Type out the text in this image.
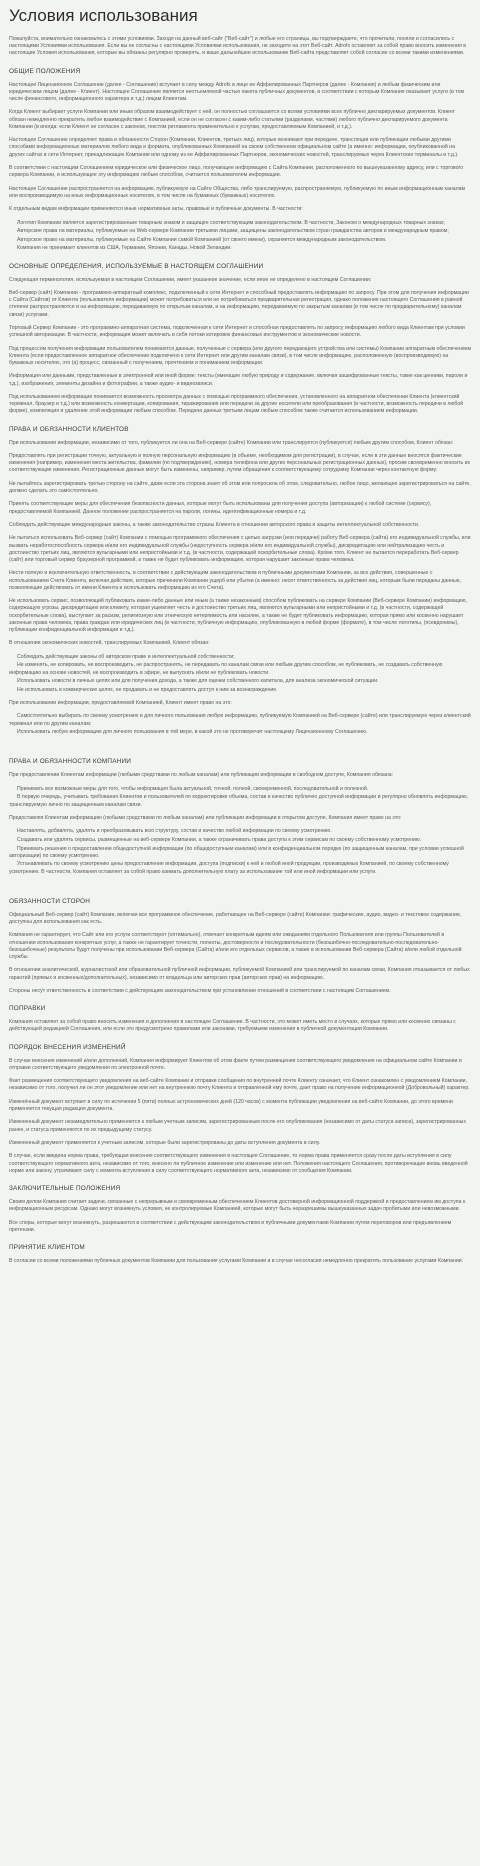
Условия использования

Пожалуйста, внимательно ознакомьтесь с этими условиями. Заходя на данный веб-сайт ("Веб-сайт") и любые его страницы, вы подтверждаете, что прочитали, поняли и согласились с настоящими Условиями использования. Если вы не согласны с настоящими Условиями использования, не заходите на этот Веб-сайт. Adrofx оставляет за собой право вносить изменения в настоящие Условия использования, которые вы обязаны регулярно проверять, и ваше дальнейшее использование Веб-сайта представляет собой согласие со всеми такими изменениями.

ОБЩИЕ ПОЛОЖЕНИЯ

Настоящее Лицензионное Соглашение (далее - Соглашение) вступает в силу между Adrofx в лице ее Аффилированных Партнеров (далее - Компания) и любым физическим или юридическим лицом (далее - Клиент). Настоящее Соглашение является неотъемлемой частью пакета публичных документов, в соответствии с которым Компания оказывает услуги (в том числе финансового, информационного характера и т.д.) лицам Клиентам.

Когда Клиент выбирает услуги Компании или иным образом взаимодействует с ней, он полностью соглашается со всеми условиями всех публично декларируемых документов. Клиент обязан немедленно прекратить любое взаимодействие с Компанией, если он не согласен с каким-либо статьями (разделами, частями) любого публично декларируемого документа Компании (в иногда: если Клиент не согласен с законом, текстом регламента применительно к услугам, предоставляемым Компанией, и т.д.).

Настоящее Соглашение определяет права и обязанности Сторон (Компании, Клиентов, третьих лиц), которые возникают при передаче, трансляции или публикации любыми другими способами информационных материалов любого вида и формата, опубликованных Компанией на своем собственном официальном сайте (а именно: информации, опубликованной на других сайтах в сети Интернет, принадлежащих Компании или одному из ее Аффилированных Партнеров, экономических новостей, транслируемых через Клиентские терминалы и т.д.).

В соответствии с настоящим Соглашением юридическое или физическое лицо, получающее информацию с Сайта Компании, расположенного по вышеуказанному адресу, или с торгового сервера Компании, и использующее эту информацию любым способом, считается пользователем информации.

Настоящее Соглашение распространяется на информацию, публикуемую на Сайте Общества, либо транслируемую, распространяемую, публикуемую по иным информационным каналам или воспроизводимую на иных информационных носителях, в том числе на бумажных (бумажных) носителях.

К отдельным видам информации применяются иные нормативные акты, правовые и публичные документы. В частности:

Логотип Компании является зарегистрированным товарным знаком и защищен соответствующим законодательством. В частности, Законом о международных товарных знаках;

Авторские права на материалы, публикуемые на Web-сервере Компании третьими лицами, защищены законодательством стран гражданства авторов и международным правом;

Авторское право на материалы, публикуемые на Сайте Компании самой Компанией (от своего имени), охраняется международным законодательством.

Компания не принимает клиентов из США, Германии, Японии, Канады, Новой Зеландии.

ОСНОВНЫЕ ОПРЕДЕЛЕНИЯ, ИСПОЛЬЗУЕМЫЕ В НАСТОЯЩЕМ СОГЛАШЕНИИ

Следующая терминология, используемая в настоящем Соглашении, имеет указанное значение, если иное не определено в настоящем Соглашении:

Веб-сервер (сайт) Компании - программно-аппаратный комплекс, подключенный к сети Интернет и способный предоставлять информацию по запросу. При этом для получения информации с Сайта (Сайтов) от Клиента (пользователя информации) может потребоваться или не потребоваться предварительная регистрация, однако положения настоящего Соглашения в равной степени распространяются и на информацию, передаваемую по открытым каналам, и на информацию, передаваемую по закрытым каналам (в том числе по предварительному) каналам связи) услугами.

Торговый Сервер Компании - это программно-аппаратная система, подключенная к сети Интернет и способная предоставлять по запросу информацию любого вида Клиентам при условии успешной авторизации. В частности, информация может включать в себя потоки котировок финансовых инструментов и экономические новости.

Под процессом получения информации пользователем понимаются данные, полученные с сервера (или другого передающего устройства или системы) Компании аппаратным обеспечением Клиента (если предоставленное аппаратное обеспечение подключено к сети Интернет или другим каналам связи), в том числе информацию, расположенную (воспроизводимую) на бумажных носителях, это (а) процесс, связанный с получением, прочтением и пониманием информации.

Информация или данными, представленные в электронной или иной форме: тексты (имеющие любую природу и содержание, включая зашифрованные тексты, такие как ценники, пароли и т.д.), изображения, элементы дизайна и фотографии, а также аудио- и видеозаписи.

Под использованием информации понимается возможность просмотра данных с помощью программного обеспечения, установленного на аппаратном обеспечении Клиента (клиентский терминал, браузер и т.д.) или возможность конвертации, копирования, тиражирования или передачи за другие носители или преобразования (в частности, возможность передачи в любой форме), компиляция и удаление этой информации любым способом. Передача данных третьим лицам любым способом также считается использованием информации.

ПРАВА И ОБЯЗАННОСТИ КЛИЕНТОВ

При использовании информации, независимо от того, публикуется ли она на Веб-сервере (сайте) Компании или транслируется (публикуется) любым другим способом, Клиент обязан:

Предоставлять при регистрации точную, актуальную и полную персональную информацию (в объеме, необходимом для регистрации), в случае, если в эти данные вносятся фактические изменения (например, изменения места жительства, фамилии (по подтверждению), номера телефона или других персональных регистрационных данных), просим своевременно вносить их соответствующие изменения. Регистрационные данные могут быть изменены, например, путем обращения к соответствующему сотруднику Компании через контактную форму.

Не пытайтесь зарегистрировать третью сторону на сайте, даже если эта сторона знает об этом или попросила об этом, следовательно, любое лицо, желающее зарегистрироваться на сайте, должно сделать это самостоятельно.

Принять соответствующие меры для обеспечения безопасности данных, которые могут быть использованы для получения доступа (авторизации) к любой системе (сервису), предоставляемой Компанией. Данное положение распространяется на пароли, логины, идентификационные номера и т.д.

Соблюдать действующие международные законы, а также законодательство страны Клиента в отношении авторского права и защиты интеллектуальной собственности.

Не пытаться использовать Веб-сервер (сайт) Компании с помощью программного обеспечения с целью загрузки (или передачи) работу Веб-сервера (сайта) его индивидуальной службы, или вызвать неработоспособность сервера и/или его индивидуальной службы (недоступность сервера и/или его индивидуальной службы), дискредитацию или нейтрализацию честь и достоинство третьих лиц, являются вульгарными или непристойными и т.д. (в частности, содержащей оскорбительные слова). Кроме того, Клиент не пытается переработать Веб-сервер (сайт) или торговый сервер браузерной программой, а также не будет публиковать информацию, которая нарушает законные права человека.

Нести полную и исключительную ответственность, в соответствии с действующим законодательством и публичными документами Компании, за все действия, совершенные с использованием Счета Клиента, включая действия, которые причинили Компании ущерб или убытки (а именно: несет ответственность за действия лиц, которым были переданы данные, позволяющие действовать от имени Клиента и использовать информацию из его Счета).

Не использовать сервис, позволяющий публиковать какие-либо данные или иным (а также незаконным) способом публиковать на сервере Компании (Веб-сервере Компании) информацию, содержащую угрозы, дискредитацию или клевету, которая ущемляет честь и достоинство третьих лиц, являются вульгарными или непристойными и т.д. (в частности, содержащей оскорбительные слова), выступает за расизм, религиозную или этническую нетерпимость или насилие, а также не будет публиковать информацию, которая прямо или косвенно нарушает законные права человека, права граждан или юридических лиц (в частности, публичную информацию, опубликованную в любой форме (формате), в том числе логотипы, (псевдонимы), публикации конфиденциальной информации и т.д.).

В отношении экономических новостей, транслируемых Компанией, Клиент обязан:

Соблюдать действующие законы об авторском праве и интеллектуальной собственности;

Не изменять, не копировать, не воспроизводить, не распространять, не передавать по каналам связи или любым другим способом, не публиковать, не создавать собственную информацию на основе новостей, не воспроизводить в эфире, не выпускать и/или не публиковать новости.

Использовать новости в личных целях или для получения дохода, а также для оценки собственного капитала, для анализа экономической ситуации.

Не использовать в коммерческих целях, не продавать и не предоставлять доступ к ним за вознаграждение.

При использовании информации, предоставляемой Компанией, Клиент имеет право на это:

Самостоятельно выбирать по своему усмотрению и для личного пользования любую информацию, публикуемую Компанией на Веб-сервере (сайте) или транслируемую через клиентский терминал или по другим каналам;

Использовать любую информацию для личного пользования в той мере, в какой это не противоречит настоящему Лицензионному Соглашению.

ПРАВА И ОБЯЗАННОСТИ КОМПАНИИ

При предоставлении Клиентам информации (любыми средствами по любым каналам) или публикации информации в свободном доступе, Компания обязана:

Принимать все возможные меры для того, чтобы информация была актуальной, точной, полной, своевременной, последовательной и полезной.

В первую очередь, учитывать требования Клиентов и пользователей по корректировке объема, состав и качество публично доступной информации и регулярно обновлять информацию, транслируемую лично по защищенным каналам связи.

Предоставляя Клиентам информацию (любыми средствами по любым каналам) или публикации информации в открытом доступе, Компания имеет право на это:

Наставлять, добавлять, удалять и преобразовывать всю структуру, состав и качество любой информации по своему усмотрению.

Создавать или удалять сервисы, размещенные на веб-сервере Компании, а также ограничивать права доступа к этим сервисам по своему собственному усмотрению.

Принимать решения о предоставлении общедоступной информации (по общедоступным каналам) или в конфиденциальном порядке (по защищенным каналам, при условии успешной авторизации) по своему усмотрению.

Устанавливать по своему усмотрению цены предоставление информации, доступа (подписки) к ней и любой иной продукции, производимых Компанией, по своему собственному усмотрению. В частности, Компания оставляет за собой право взимать дополнительную плату за использование той или иной информации или услуги.

ОБЯЗАННОСТИ СТОРОН

Официальный Веб-сервер (сайт) Компании, включая все программное обеспечение, работающее на Веб-сервере (сайте) Компании: графические, аудио, видео- и текстовое содержание, доступны для использования как есть.

Компания не гарантирует, что Сайт или его услуги соответствуют (оптимально), отвечает конкретным идеям или ожиданиям отдельного Пользователя или группы Пользователей в отношении использования конкретных услуг, а также не гарантирует точности, полноты, достоверности и последовательности (безошибочно-последовательно-последовательно-безошибочные) результаты будут получены при использовании Веб-сервера (Сайта) и/или его отдельных сервисов, а также в использовании Веб-сервера (Сайта) и/или любой отдельной службы.

В отношении аналитической, журналистской или образовательной публичной информации, публикуемой Компанией или транслируемой по каналам связи, Компания отказывается от любых гарантий (прямых и косвенных/дополнительных), независимо от владельца или авторских прав (авторских прав) на информацию.

Стороны несут ответственность в соответствии с действующим законодательством при установлении отношений в соответствии с настоящим Соглашением.

ПОПРАВКИ

Компания оставляет за собой право вносить изменения и дополнения в настоящее Соглашение. В частности, это может иметь место в случаях, которые прямо или косвенно связаны с действующей редакцией Соглашения, или если это предусмотрено правилами или законами, требуемыми изменения в публичной документации Компании.

ПОРЯДОК ВНЕСЕНИЯ ИЗМЕНЕНИЙ

В случае внесения изменений и/или дополнений, Компания информирует Клиентов об этом факте путем размещения соответствующего уведомления на официальном сайте Компании и отправки соответствующего уведомления по электронной почте.

Факт размещения соответствующего уведомления на веб-сайте Компании и отправки сообщения по внутренней почте Клиенту означает, что Клиент ознакомлен с уведомлением Компании, независимо от того, получил ли он этот уведомление или нет на внутреннюю почту Клиента и отправленной ему почте, дает право на получение информационной (Добровольный) характер.

Изменённый документ вступает в силу по истечении 5 (пяти) полных астрономических дней (120 часов) с момента публикации уведомления на веб-сайте Компании, до этого времени применяется текущая редакция документа.

Измененный документ незамедлительно применяется к любым учетным записям, зарегистрированным после его опубликования (независимо от даты статуса записи), зарегистрированных ранее, и статуса применяются по их предыдущему статусу.

Измененный документ применяется к учетным записям, которые были зарегистрированы до даты вступления документа в силу.

В случае, если введена норма права, требующая внесения соответствующего изменения в настоящее Соглашение, то норма права применяется сразу после даты вступления в силу соответствующего нормативного акта, независимо от того, внесено ли публичное изменение или изменение или нет. Положения настоящего Соглашения, противоречащие вновь введенной норме или закону, утрачивают силу с момента вступления в силу соответствующего нормативного акта, независимо от сообщения Компании.

ЗАКЛЮЧИТЕЛЬНЫЕ ПОЛОЖЕНИЯ

Своим делом Компания считает задачи, связанные с непрерывным и своевременным обеспечением Клиентов достоверной информационной поддержкой и предоставлением им доступа к информационным ресурсам. Однако могут возникнуть условия, не контролируемые Компанией, которые могут быть неразрешимы вышеуказанных задач пробитыми или невозможными.

Все споры, которые могут возникнуть, разрешаются в соответствии с действующим законодательством и публичными документами Компании путем переговоров или предъявлением претензии.

ПРИНЯТИЕ КЛИЕНТОМ

В согласии со всеми положениями публичных документов Компании для пользования услугами Компании и в случае несогласия немедленно прекратить пользование услугами Компании.
